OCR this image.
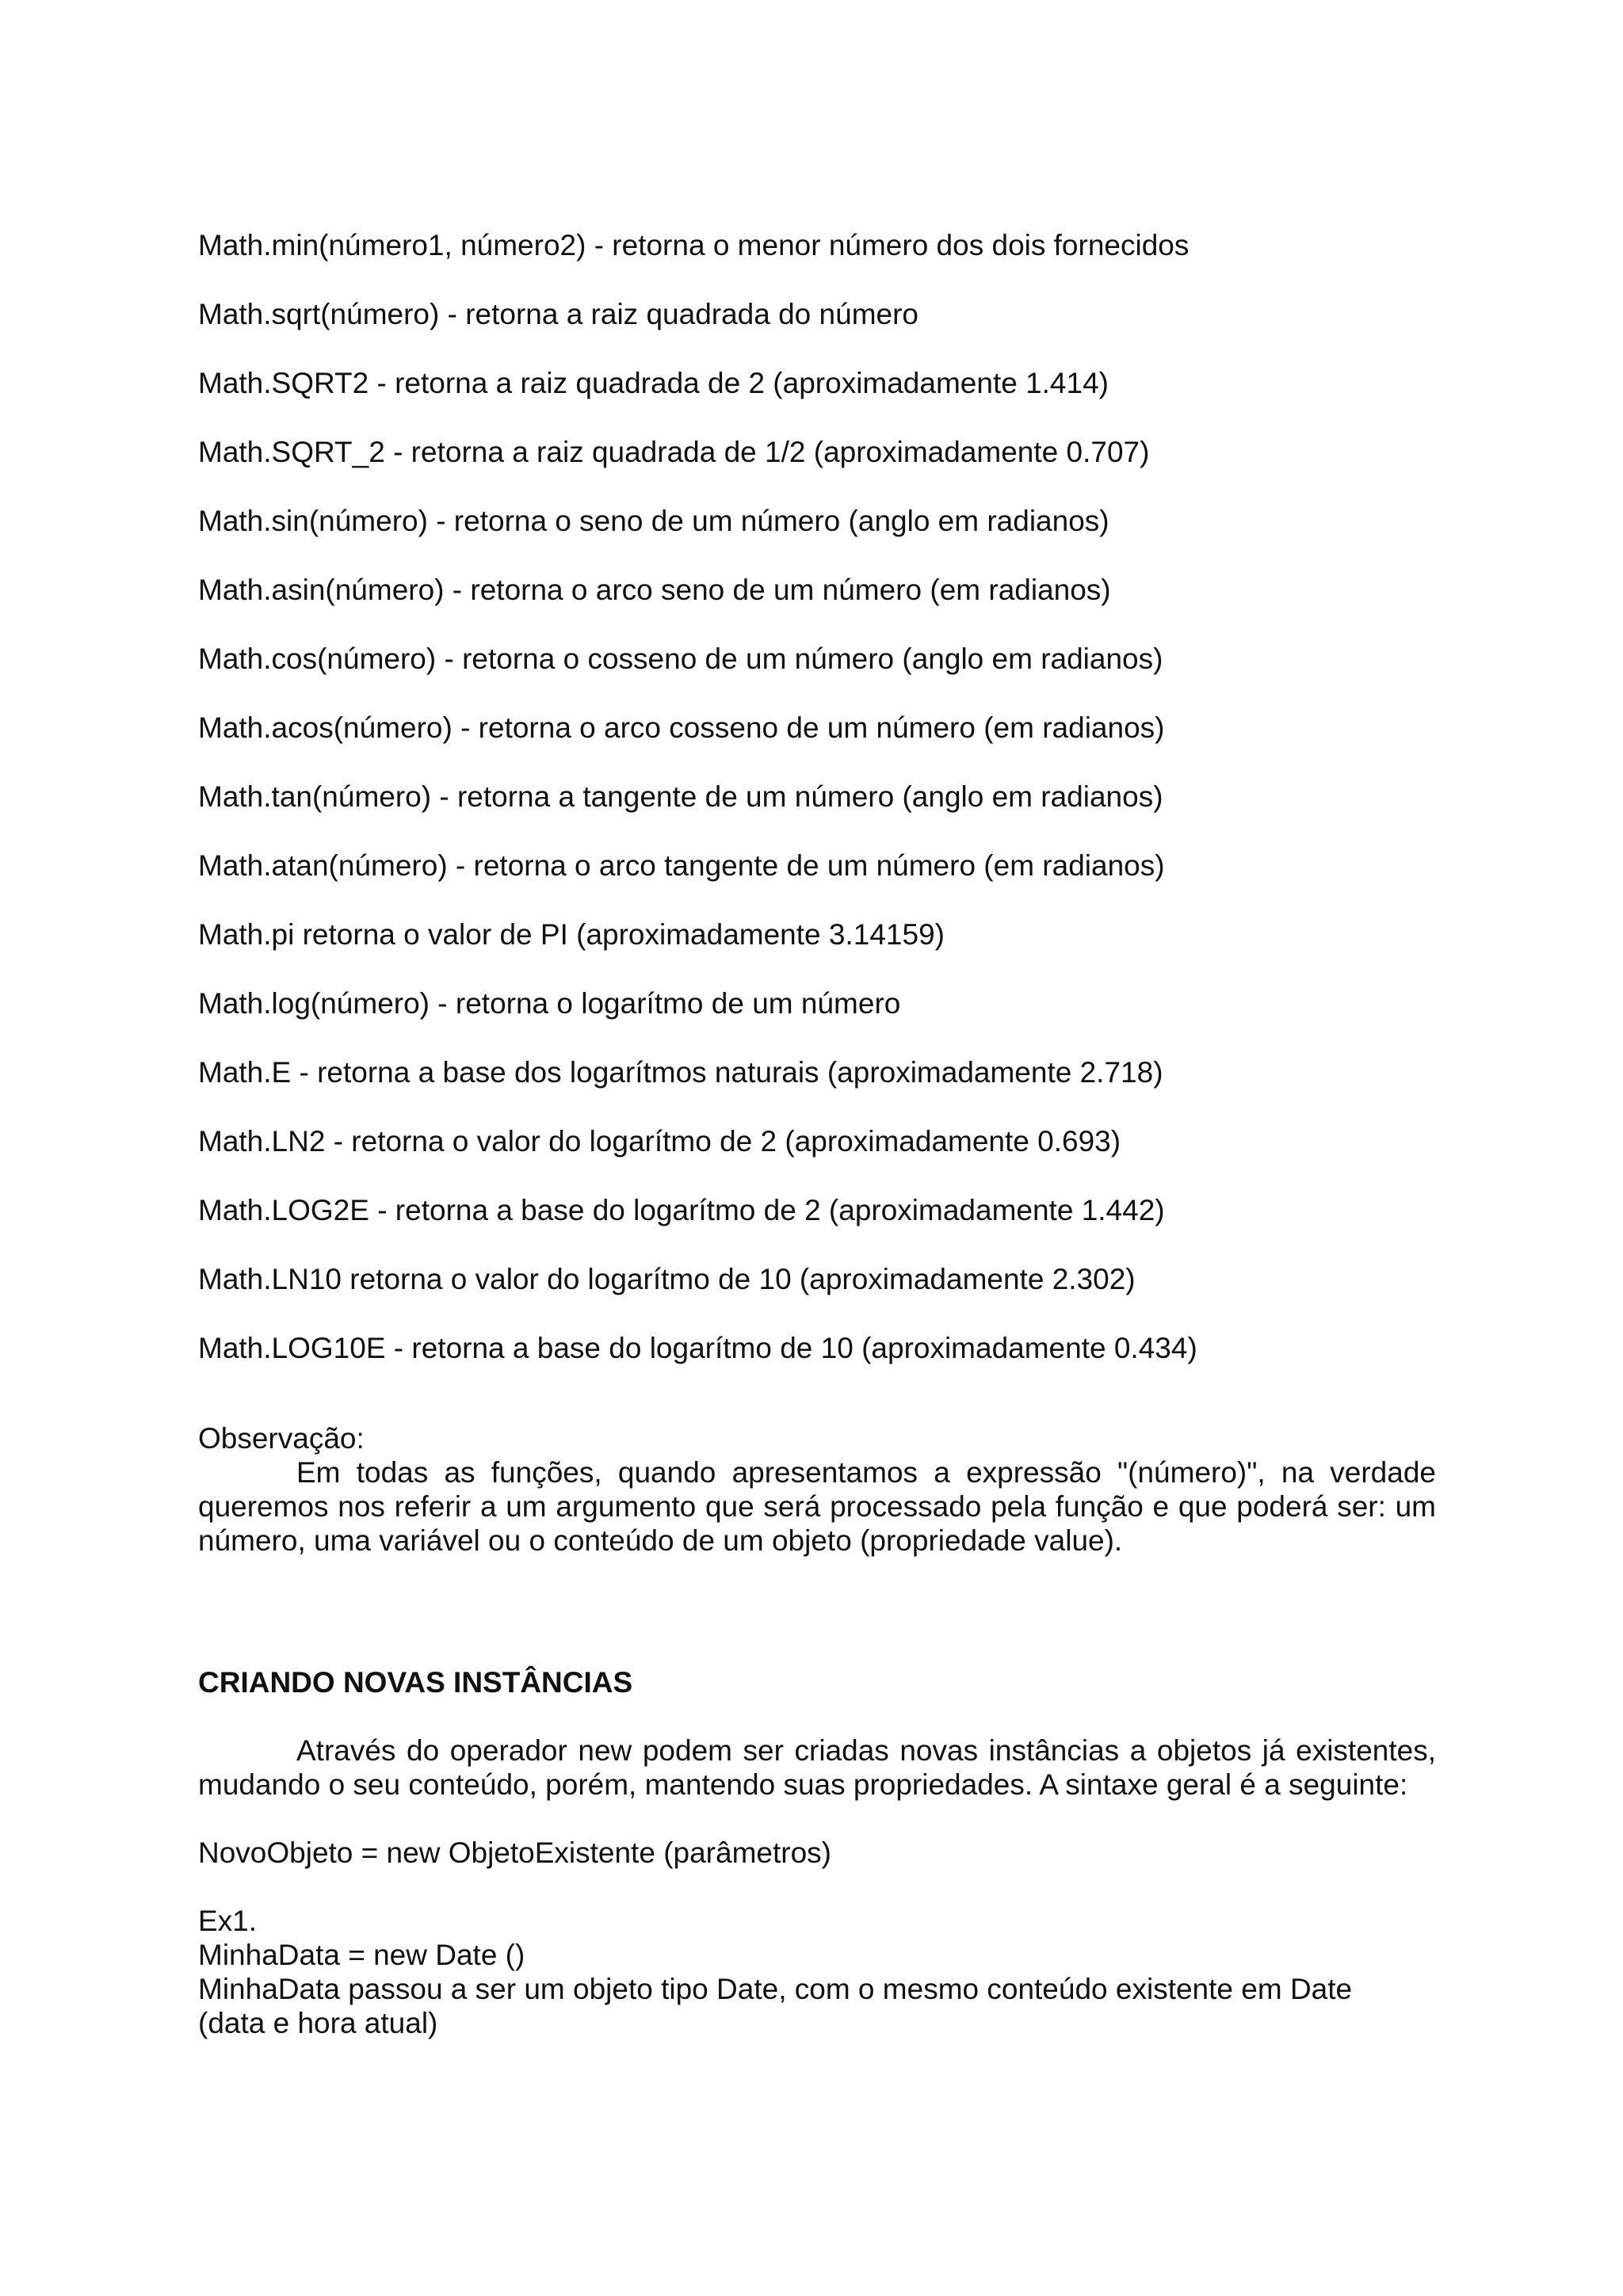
Math.min(número1, número2) - retorna o menor número dos dois fornecidos

Math.sqrt(número) - retorna a raiz quadrada do número

Math.SQRT2 - retorna a raiz quadrada de 2 (aproximadamente 1.414)

Math.SQRT_2 - retorna a raiz quadrada de 1/2 (aproximadamente 0.707)

Math.sin(número) - retorna o seno de um número (anglo em radianos)

Math.asin(número) - retorna o arco seno de um número (em radianos)

Math.cos(número) - retorna o cosseno de um número (anglo em radianos)

Math.acos(número) - retorna o arco cosseno de um número (em radianos)

Math.tan(número) - retorna a tangente de um número (anglo em radianos)

Math.atan(número) - retorna o arco tangente de um número (em radianos)

Math.pi retorna o valor de PI (aproximadamente 3.14159)

Math.log(número) - retorna o logarítmo de um número

Math.E - retorna a base dos logarítmos naturais (aproximadamente 2.718)

Math.LN2 - retorna o valor do logarítmo de 2 (aproximadamente 0.693)

Math.LOG2E - retorna a base do logarítmo de 2 (aproximadamente 1.442)

Math.LN10 retorna o valor do logarítmo de 10 (aproximadamente 2.302)

Math.LOG10E - retorna a base do logarítmo de 10 (aproximadamente 0.434)

Observação:

Em todas as funções, quando apresentamos a expressão "(número)", na verdade queremos nos referir a um argumento que será processado pela função e que poderá ser: um número, uma variável ou o conteúdo de um objeto (propriedade value).

CRIANDO NOVAS INSTÂNCIAS

Através do operador new podem ser criadas novas instâncias a objetos já existentes, mudando o seu conteúdo, porém, mantendo suas propriedades. A sintaxe geral é a seguinte:

NovoObjeto = new ObjetoExistente (parâmetros)

Ex1.

MinhaData = new Date ()

MinhaData passou a ser um objeto tipo Date, com o mesmo conteúdo existente em Date

(data e hora atual)
